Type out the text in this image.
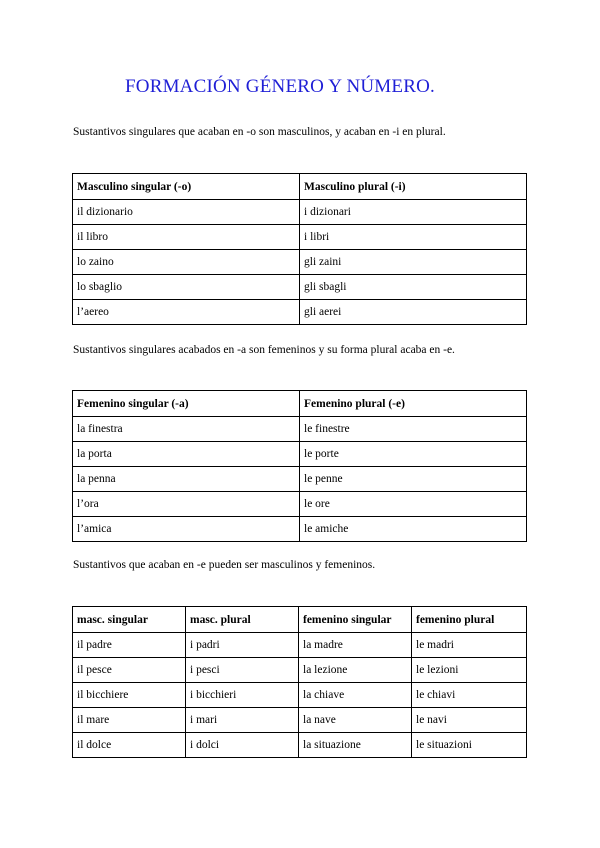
FORMACIÓN GÉNERO Y NÚMERO.

Sustantivos singulares que acaban en -o son masculinos, y acaban en -i en plural.

Masculino singular (-o)	Masculino plural (-i)
il dizionario	i dizionari
il libro	i libri
lo zaino	gli zaini
lo sbaglio	gli sbagli
l’aereo	gli aerei

Sustantivos singulares acabados en -a son femeninos y su forma plural acaba en -e.

Femenino singular (-a)	Femenino plural (-e)
la finestra	le finestre
la porta	le porte
la penna	le penne
l’ora	le ore
l’amica	le amiche

Sustantivos que acaban en -e pueden ser masculinos y femeninos.

masc. singular	masc. plural	femenino singular	femenino plural
il padre	i padri	la madre	le madri
il pesce	i pesci	la lezione	le lezioni
il bicchiere	i bicchieri	la chiave	le chiavi
il mare	i mari	la nave	le navi
il dolce	i dolci	la situazione	le situazioni
